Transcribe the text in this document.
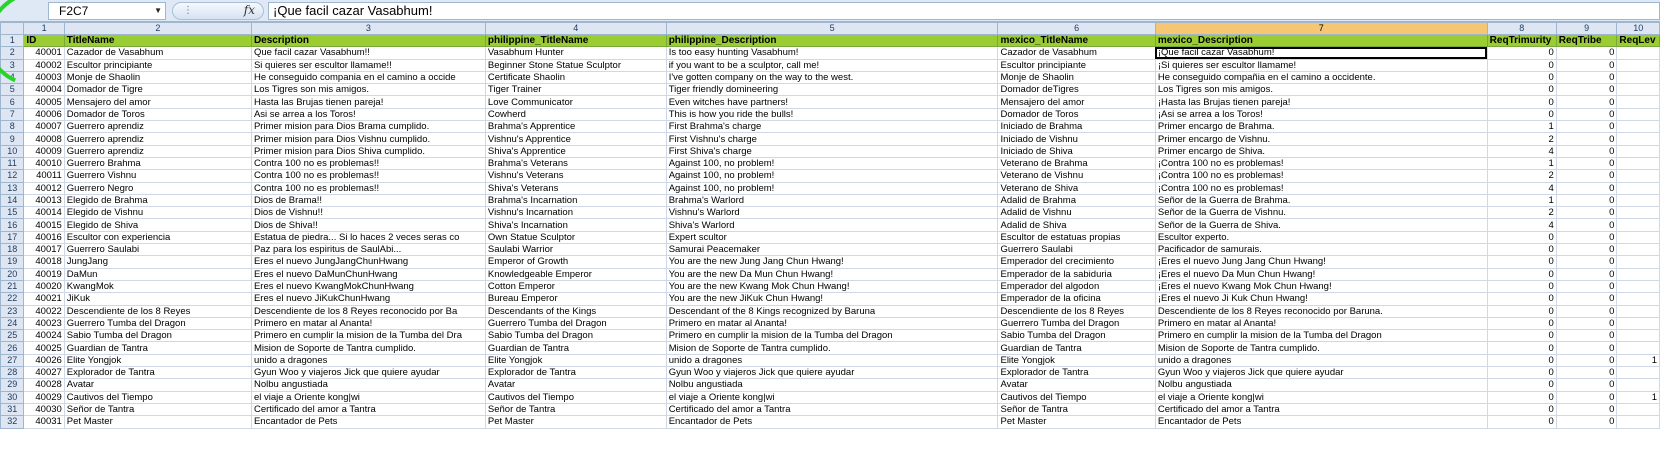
F2C7	▼ ⋮	fx	¡Que facil cazar Vasabhum!
	1	2	3	4	5	6	7	8	9	10
1	ID	TitleName	Description	philippine_TitleName	philippine_Description	mexico_TitleName	mexico_Description	ReqTrimurity	ReqTribe	ReqLev
2	40001	Cazador de Vasabhum	Que facil cazar Vasabhum!!	Vasabhum Hunter	Is too easy hunting Vasabhum!	Cazador de Vasabhum	¡Que facil cazar Vasabhum!	0	0	
3	40002	Escultor principiante	Si quieres ser escultor llamame!!	Beginner Stone Statue Sculptor	if you want to be a sculptor, call me!	Escultor principiante	¡Si quieres ser escultor llamame!	0	0	
4	40003	Monje de Shaolin	He conseguido compania en el camino a occide	Certificate Shaolin	I've gotten company on the way to the west.	Monje de Shaolin	He conseguido compañia en el camino a occidente.	0	0	
5	40004	Domador de Tigre	Los Tigres son mis amigos.	Tiger Trainer	Tiger friendly domineering	Domador deTigres	Los Tigres son mis amigos.	0	0	
6	40005	Mensajero del amor	Hasta las Brujas tienen pareja!	Love Communicator	Even witches have partners!	Mensajero del amor	¡Hasta las Brujas tienen pareja!	0	0	
7	40006	Domador de Toros	Asi se arrea a los Toros!	Cowherd	This is how you ride the bulls!	Domador de Toros	¡Asi se arrea a los Toros!	0	0	
8	40007	Guerrero aprendiz	Primer mision para Dios Brama cumplido.	Brahma's Apprentice	First Brahma's charge	Iniciado de Brahma	Primer encargo de Brahma.	1	0	
9	40008	Guerrero aprendiz	Primer mision para Dios Vishnu cumplido.	Vishnu's Apprentice	First Vishnu's charge	Iniciado de Vishnu	Primer encargo de Vishnu.	2	0	
10	40009	Guerrero aprendiz	Primer mision para Dios Shiva cumplido.	Shiva's Apprentice	First Shiva's charge	Iniciado de Shiva	Primer encargo de Shiva.	4	0	
11	40010	Guerrero Brahma	Contra 100 no es problemas!!	Brahma's Veterans	Against 100, no problem!	Veterano de Brahma	¡Contra 100 no es problemas!	1	0	
12	40011	Guerrero Vishnu	Contra 100 no es problemas!!	Vishnu's Veterans	Against 100, no problem!	Veterano de Vishnu	¡Contra 100 no es problemas!	2	0	
13	40012	Guerrero Negro	Contra 100 no es problemas!!	Shiva's Veterans	Against 100, no problem!	Veterano de Shiva	¡Contra 100 no es problemas!	4	0	
14	40013	Elegido de Brahma	Dios de Brama!!	Brahma's Incarnation	Brahma's Warlord	Adalid de Brahma	Señor de la Guerra de Brahma.	1	0	
15	40014	Elegido de Vishnu	Dios de Vishnu!!	Vishnu's Incarnation	Vishnu's Warlord	Adalid de Vishnu	Señor de la Guerra de Vishnu.	2	0	
16	40015	Elegido de Shiva	Dios de Shiva!!	Shiva's Incarnation	Shiva's Warlord	Adalid de Shiva	Señor de la Guerra de Shiva.	4	0	
17	40016	Escultor con experiencia	Estatua de piedra... Si lo haces 2 veces seras co	Own Statue Sculptor	Expert scultor	Escultor de estatuas propias	Escultor experto.	0	0	
18	40017	Guerrero Saulabi	Paz para los espiritus de SaulAbi...	Saulabi Warrior	Samurai Peacemaker	Guerrero Saulabi	Pacificador de samurais.	0	0	
19	40018	JungJang	Eres el nuevo JungJangChunHwang	Emperor of Growth	You are the new Jung Jang Chun Hwang!	Emperador del crecimiento	¡Eres el nuevo Jung Jang Chun Hwang!	0	0	
20	40019	DaMun	Eres el nuevo DaMunChunHwang	Knowledgeable Emperor	You are the new Da Mun Chun Hwang!	Emperador de la sabiduria	¡Eres el nuevo Da Mun Chun Hwang!	0	0	
21	40020	KwangMok	Eres el nuevo KwangMokChunHwang	Cotton Emperor	You are the new Kwang Mok Chun Hwang!	Emperador del algodon	¡Eres el nuevo Kwang Mok Chun Hwang!	0	0	
22	40021	JiKuk	Eres el nuevo JiKukChunHwang	Bureau Emperor	You are the new JiKuk Chun Hwang!	Emperador de la oficina	¡Eres el nuevo Ji Kuk Chun Hwang!	0	0	
23	40022	Descendiente de los 8 Reyes	Descendiente de los 8 Reyes reconocido por Ba	Descendants of the Kings	Descendant of the 8 Kings recognized by Baruna	Descendiente de los 8 Reyes	Descendiente de los 8 Reyes reconocido por Baruna.	0	0	
24	40023	Guerrero Tumba del Dragon	Primero en matar al Ananta!	Guerrero Tumba del Dragon	Primero en matar al Ananta!	Guerrero Tumba del Dragon	Primero en matar al Ananta!	0	0	
25	40024	Sabio Tumba del Dragon	Primero en cumplir la mision de la Tumba del Dra	Sabio Tumba del Dragon	Primero en cumplir la mision de la Tumba del Dragon	Sabio Tumba del Dragon	Primero en cumplir la mision de la Tumba del Dragon	0	0	
26	40025	Guardian de Tantra	Mision de Soporte de Tantra cumplido.	Guardian de Tantra	Mision de Soporte de Tantra cumplido.	Guardian de Tantra	Mision de Soporte de Tantra cumplido.	0	0	
27	40026	Elite Yongjok	unido a dragones	Elite Yongjok	unido a dragones	Elite Yongjok	unido a dragones	0	0	1
28	40027	Explorador de Tantra	Gyun Woo y viajeros Jick que quiere ayudar	Explorador de Tantra	Gyun Woo y viajeros Jick que quiere ayudar	Explorador de Tantra	Gyun Woo y viajeros Jick que quiere ayudar	0	0	
29	40028	Avatar	Nolbu angustiada	Avatar	Nolbu angustiada	Avatar	Nolbu angustiada	0	0	
30	40029	Cautivos del Tiempo	el viaje a Oriente kong|wi	Cautivos del Tiempo	el viaje a Oriente kong|wi	Cautivos del Tiempo	el viaje a Oriente kong|wi	0	0	1
31	40030	Señor de Tantra	Certificado del amor a Tantra	Señor de Tantra	Certificado del amor a Tantra	Señor de Tantra	Certificado del amor a Tantra	0	0	
32	40031	Pet Master	Encantador de Pets	Pet Master	Encantador de Pets	Pet Master	Encantador de Pets	0	0	
